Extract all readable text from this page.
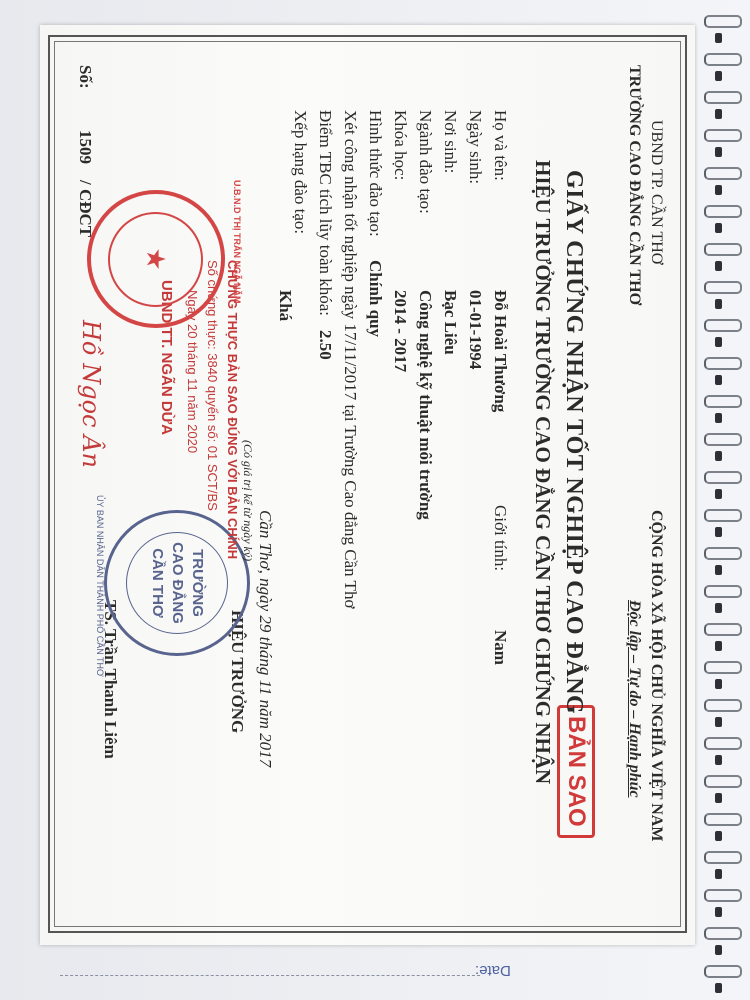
Date:
UBND TP. CẦN THƠ
TRƯỜNG CAO ĐẲNG CẦN THƠ
CỘNG HÒA XÃ HỘI CHỦ NGHĨA VIỆT NAM
Độc lập – Tự do – Hạnh phúc
BẢN SAO
GIẤY CHỨNG NHẬN TỐT NGHIỆP CAO ĐẲNG
HIỆU TRƯỞNG TRƯỜNG CAO ĐẲNG CẦN THƠ CHỨNG NHẬN
Họ và tên:
Đỗ Hoài Thương
Giới tính:
Nam
Ngày sinh:
01-01-1994
Nơi sinh:
Bạc Liêu
Ngành đào tạo:
Công nghệ kỹ thuật môi trường
Khóa học:
2014 - 2017
Hình thức đào tạo:
Chính quy
Xét công nhận tốt nghiệp ngày 17/11/2017 tại Trường Cao đẳng Cần Thơ
Điểm TBC tích lũy toàn khóa:
2.50
Xếp hạng đào tạo:
Khá
Cần Thơ, ngày 29 tháng 11 năm 2017
HIỆU TRƯỞNG
TS. Trần Thanh Liêm
TRƯỜNG
CAO ĐẲNG
CẦN THƠ
ỦY BAN NHÂN DÂN THÀNH PHỐ CẦN THƠ
Số:
1509
/ CĐCT
CHỨNG THỰC BẢN SAO ĐÚNG VỚI BẢN CHÍNH
Số chứng thực: 3840 quyển số: 01 SCT/BS
Ngày 20 tháng 11 năm 2020
UBND TT. NGÃN DỪA
(Có giá trị kể từ ngày ký)
★	U.B.N.D THỊ TRẤN NGÃ NĂM
Hồ Ngọc Ân
